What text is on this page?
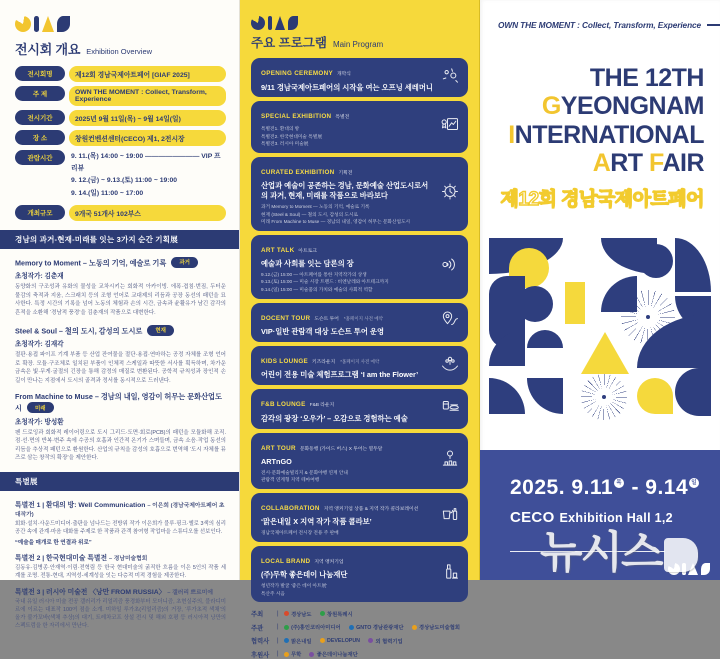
전시회 개요 Exhibition Overview
전시회명	제12회 경남국제아트페어 [GIAF 2025]
주 제	OWN THE MOMENT : Collect, Transform, Experience
전시기간	2025년 9월 11일(목) ~ 9월 14일(일)
장 소	창원컨벤션센터(CECO) 제1, 2전시장
관람시간	9. 11.(목) 14:00 ~ 19:00 ―――――――― VIP 프리뷰
9. 12.(금) ~ 9.13.(토) 11:00 ~ 19:00
9. 14.(일) 11:00 ~ 17:00
개최규모	9개국 51개사 102부스
경남의 과거-현재-미래를 잇는 3가지 순간 기획展
Memory to Moment – 노동의 기억, 예술로 기록 과거
초청작가: 김춘재
동양화의 구조성과 유화의 물성을 교차시키는 회화적 아카이빙. 에폭·겹침·번짐, 두터운 물감의 축적과 지움, 스크래치 등의 조형 언어로 교대제의 리듬과 공장 동선의 패턴을 묘사한다. 특정 시간의 기록을 넘어 노동의 체험과 손의 시간, 금속과 윤활유가 남긴 감각의 흔적을 소환해 ‘경남적 풍경’을 김춘재의 작품으로 대변한다.
Steel & Soul – 철의 도시, 감성의 도시로 현재
초청작가: 김재각
절판·용접 파이프 기계 부품 등 산업 잔여물을 절단·용접·연마하는 공정 자체를 조형 언어로 확장. 모듈·구조체로 일치된 부품이 인체적 스케일과 따뜻한 서사를 획득하며, 차가운 금속은 빛·무게·굴절의 긴장을 통해 감정의 매질로 변환된다. 공학적 규칙성과 장인적 손길이 만나는 지점에서 도시의 골격과 정서를 동시적으로 드러낸다.
From Machine to Muse – 경남의 내일, 영감이 허무는 문화산업도시 미래
초청작가: 방성환
펜 드로잉과 회화적 레이어링으로 도시 그리드·도면·회로(PCB)의 패턴을 모듈화해 조직. 점·선·면의 반복·변주 속에 수공의 호흡과 인간적 온기가 스며들며, 금속 소음·작업 동선의 리듬을 추상적 패턴으로 환원한다. 산업의 규칙을 감성의 호흡으로 번역해 ‘도시 자체를 뮤즈로 삼는 창작의 확장’을 제안한다.
특별展
특별전 1 | 환대의 방: Well Communication – 이은희 (경남국제아트페어 초대작가)
회화·설치·사운드미디어·출판을 넘나드는 전방위 작가 이은희가 블루·핑크·옐로 3색의 심리 공간 속에 관계·마음 대화를 주제로 한 작품과 관객 참여형 작업마을 스튜디오를 선보인다.
“예술을 매개로 한 연결과 위로”
특별전 2 | 한국현대미술 특별전 – 경남미술협회
김동유·김병종·안재역·이림·전혁림 등 한국 현대미술의 굵직한 흐름을 이은 5인의 작품 세계를 조명. 전통-현대, 지역성-세계성을 잇는 다층적 미적 경험을 제공한다.
특별전 3 | 러시아 미술전 〈낭만 FROM RUSSIA〉 – 갤러리 쁘르미에
국내 유일 러시아 미술 전공 갤러리가 리얼리즘 풍경화부터 모더니즘, 초현실주의, 블라디미르에 이르는 대표작 100여 점을 소개. 미하일 루가초(리얼리즘)의 거장, ‘루가초적 색채’의 올가 불가꼬바(색채 추상)의 대기, 트레차코프 상설 전시 및 해외 호평 등 러시아적 낭만의 스펙트럼을 한 자리에서 만난다.
주요 프로그램 Main Program
OPENING CEREMONY 개막식
9/11 경남국제아트페어의 시작을 여는 오프닝 세레머니
SPECIAL EXHIBITION 특별전
특별전1. 환대의 방
특별전2. 한국현대미술 특별展
특별전3. 러시아 미술展
CURATED EXHIBITION 기획전
산업과 예술이 공존하는 경남, 문화예술 산업도시로서의 과거, 현재, 미래를 작품으로 바라보다
과거 Memory to Moment — 노동의 기억, 예술로 기록
현재 (Steel & Soul) — 철의 도시, 감성의 도시로
미래 From Machine to Muse — 경남의 내일, 영감이 허무는 문화산업도시
ART TALK 아트토크
예술과 사회를 잇는 담론의 장
9.12.(금) 15:00 — 아트페어를 통한 지역작가의 상생
9.13.(토) 15:00 — 미술 시장 트렌드 : 비엔날레와 아트테크까지
9.14.(일) 15:00 — 미술품의 가치와 예술의 사회적 역할
DOCENT TOUR 도슨트 투어 *홈페이지 사전 예약
VIP·일반 관람객 대상 도슨트 투어 운영
KIDS LOUNGE 키즈라운지 *홈페이지 사전 예약
어린이 전용 미술 체험프로그램 ‘I am the Flower’
F&B LOUNGE F&B 라운지
감각의 광장 ‘오우가’ – 오감으로 경험하는 예술
ART TOUR 문화동행 (가이드 버스) X 투어는 열두달
ARTnGO
전시·문화예술빌리지 & 문화야행 연계 안내
관람객 연계형 지역 테마여행
COLLABORATION 지역 앵커기업 상품 & 지역 작가 콜라보레이션
‘맑은내일 X 지역 작가 작품 콜라보’
경남국제아트페어 전시장 전용 주 판매
LOCAL BRAND 지역 앵커기업
(주)무학 좋은데이 나눔재단
청년작가 발굴 ‘좋은 데이 아트展’
특산주 시음
주최	| 경상남도	창원특례시
주관	| (주)홍인코리아미디어	GNTO 경남관광재단	경상남도미술협회
협력사	| 맑은내일	DEVELOPUN	외 협력기업
후원사	| 무학	좋은데이나눔재단
OWN THE MOMENT : Collect, Transform, Experience
THE 12TH
GYEONGNAM
INTERNATIONAL
ART FAIR
제12회 경남국제아트페어
2025. 9.11 목 - 9.14 일
CECO Exhibition Hall 1,2
뉴시스
